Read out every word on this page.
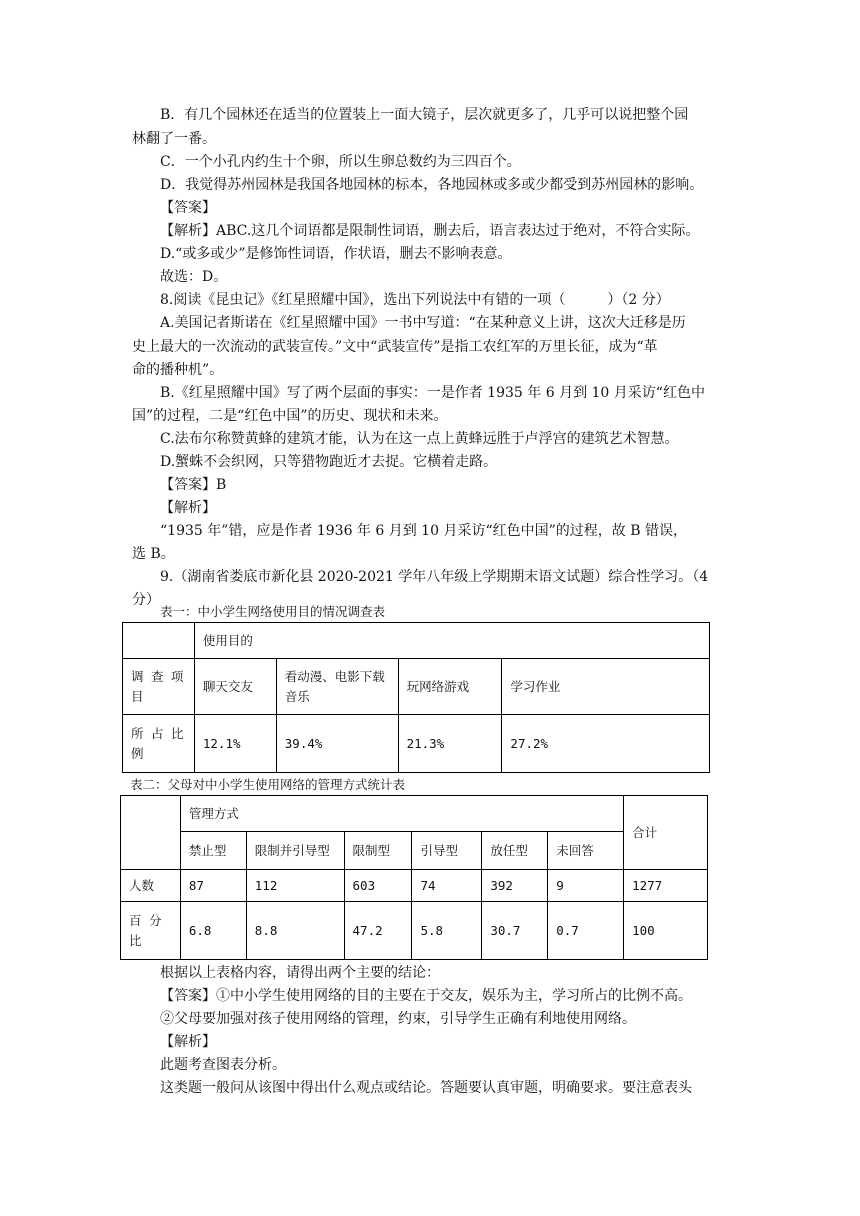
B．有几个园林还在适当的位置装上一面大镜子，层次就更多了，几乎可以说把整个园
林翻了一番。
C．一个小孔内约生十个卵，所以生卵总数约为三四百个。
D．我觉得苏州园林是我国各地园林的标本，各地园林或多或少都受到苏州园林的影响。
【答案】
【解析】ABC.这几个词语都是限制性词语，删去后，语言表达过于绝对，不符合实际。
D.“或多或少”是修饰性词语，作状语，删去不影响表意。
故选：D。
8.阅读《昆虫记》《红星照耀中国》，选出下列说法中有错的一项（　　　）（2 分）
A.美国记者斯诺在《红星照耀中国》一书中写道：“在某种意义上讲，这次大迁移是历
史上最大的一次流动的武装宣传。”文中“武装宣传”是指工农红军的万里长征，成为“革
命的播种机”。
B.《红星照耀中国》写了两个层面的事实：一是作者 1935 年 6 月到 10 月采访“红色中
国”的过程，二是“红色中国”的历史、现状和未来。
C.法布尔称赞黄蜂的建筑才能，认为在这一点上黄蜂远胜于卢浮宫的建筑艺术智慧。
D.蟹蛛不会织网，只等猎物跑近才去捉。它横着走路。
【答案】B
【解析】
“1935 年”错，应是作者 1936 年 6 月到 10 月采访“红色中国”的过程，故 B 错误，
选 B。
9.（湖南省娄底市新化县 2020-2021 学年八年级上学期期末语文试题）综合性学习。（4
分）
表一：中小学生网络使用目的情况调查表
	使用目的			
调 查 项 目	聊天交友	看动漫、电影下载 音乐	玩网络游戏	学习作业
所 占 比 例	12.1%	39.4%	21.3%	27.2%
表二：父母对中小学生使用网络的管理方式统计表
	管理方式						合计
	禁止型	限制并引导型	限制型	引导型	放任型	未回答	
人数	87	112	603	74	392	9	1277
百 分 比	6.8	8.8	47.2	5.8	30.7	0.7	100
根据以上表格内容，请得出两个主要的结论：
【答案】①中小学生使用网络的目的主要在于交友，娱乐为主，学习所占的比例不高。
②父母要加强对孩子使用网络的管理，约束，引导学生正确有利地使用网络。
【解析】
此题考查图表分析。
这类题一般问从该图中得出什么观点或结论。答题要认真审题，明确要求。要注意表头
